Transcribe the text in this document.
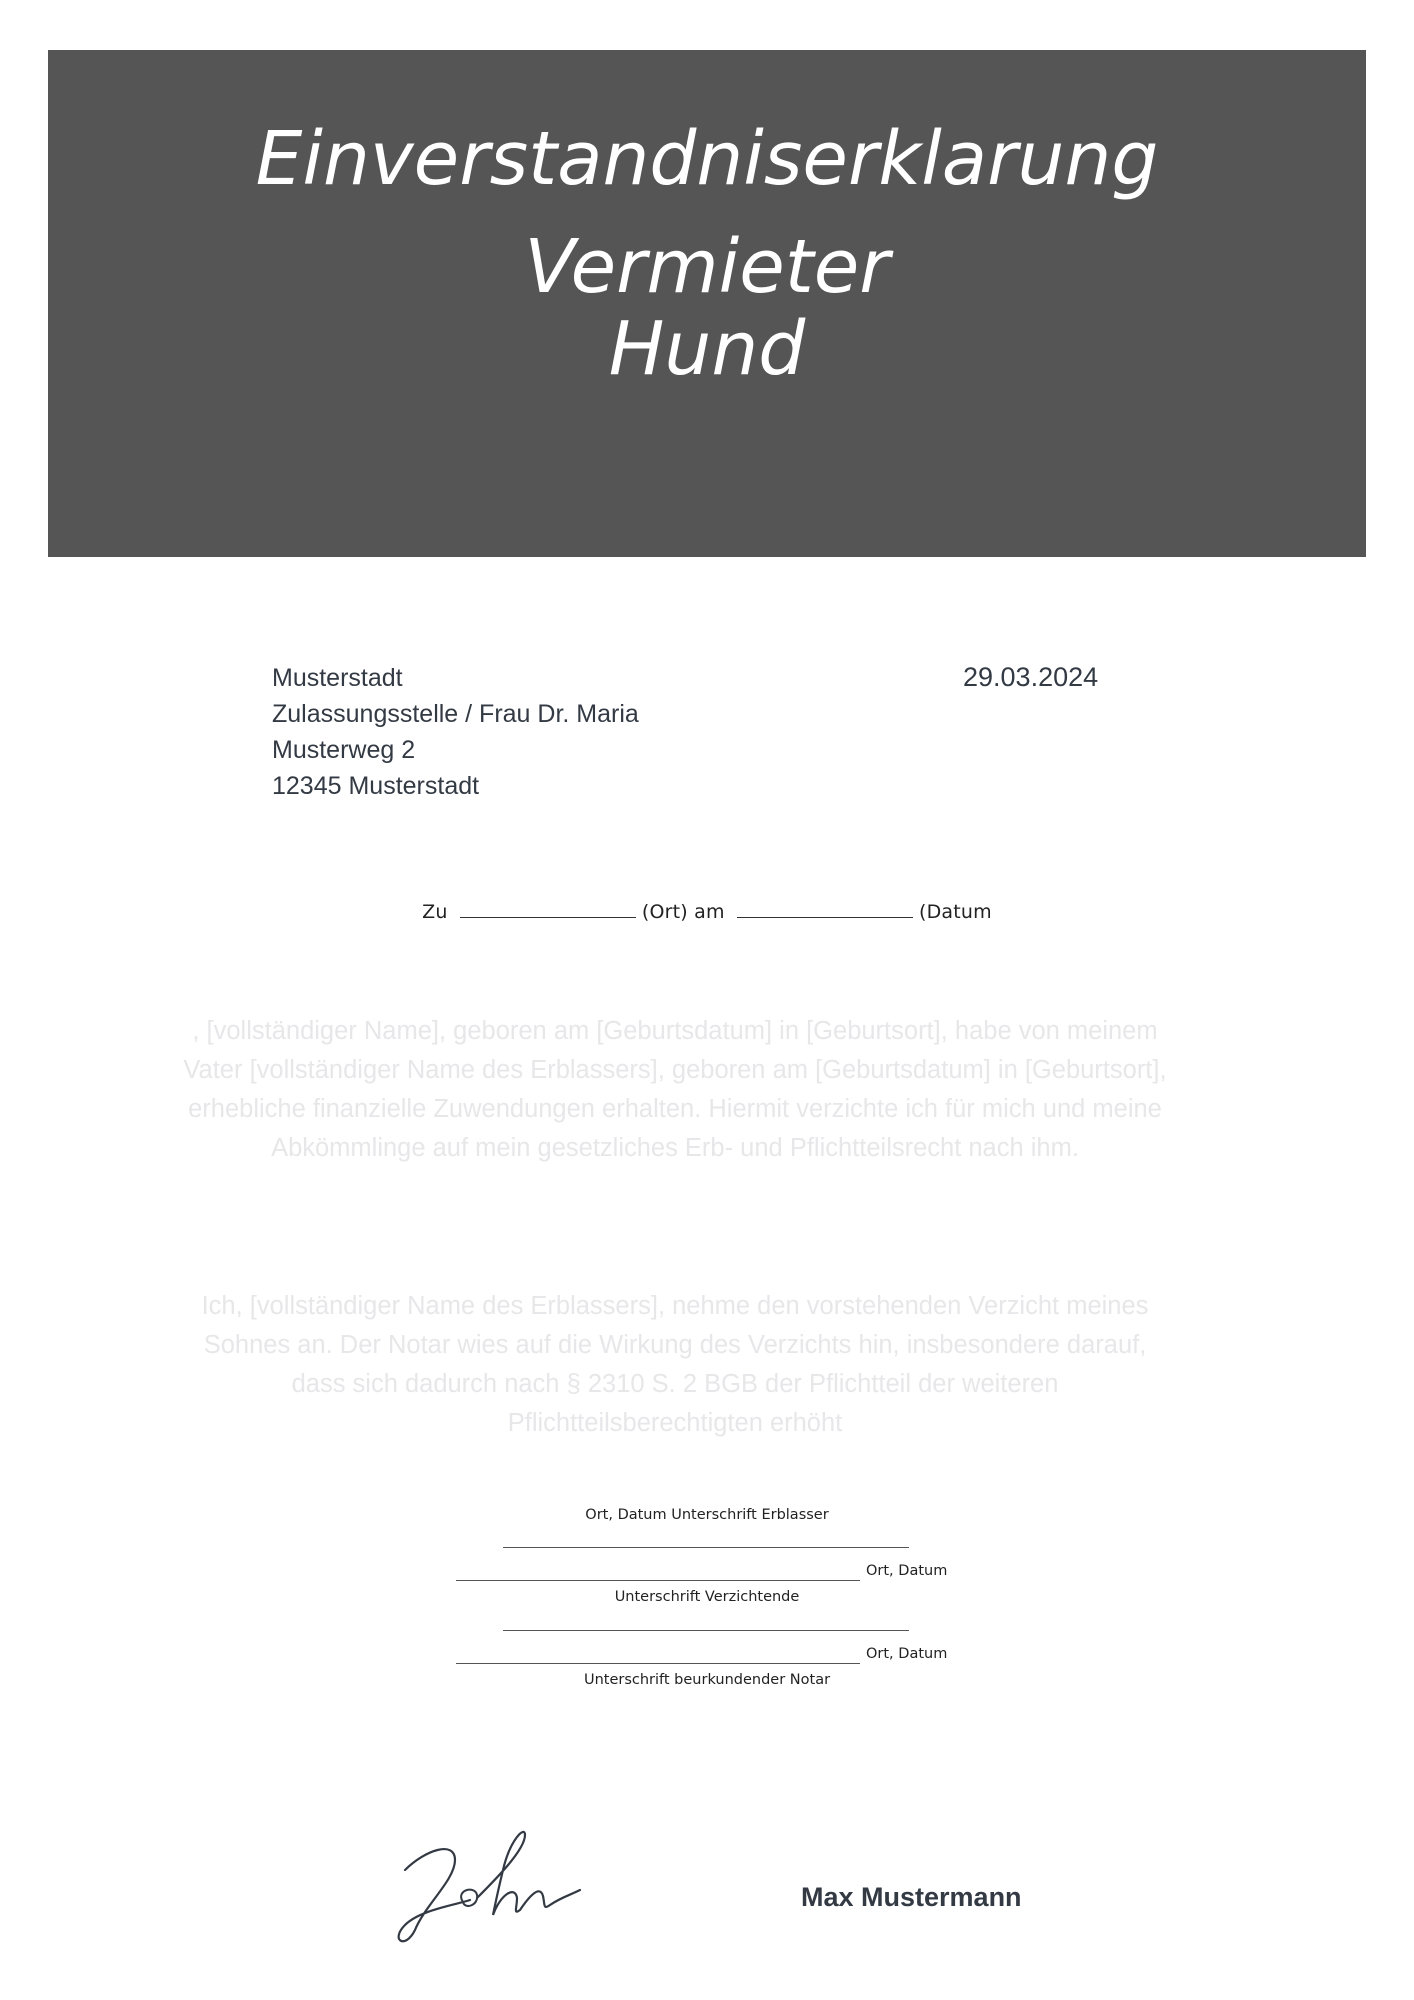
Einverstandniserklarung
Vermieter
Hund
Musterstadt
Zulassungsstelle / Frau Dr. Maria
Musterweg 2
12345 Musterstadt
29.03.2024
Zu	(Ort) am	(Datum
, [vollständiger Name], geboren am [Geburtsdatum] in [Geburtsort], habe von meinem Vater [vollständiger Name des Erblassers], geboren am [Geburtsdatum] in [Geburtsort], erhebliche finanzielle Zuwendungen erhalten. Hiermit verzichte ich für mich und meine Abkömmlinge auf mein gesetzliches Erb- und Pflichtteilsrecht nach ihm.
Ich, [vollständiger Name des Erblassers], nehme den vorstehenden Verzicht meines Sohnes an. Der Notar wies auf die Wirkung des Verzichts hin, insbesondere darauf, dass sich dadurch nach § 2310 S. 2 BGB der Pflichtteil der weiteren Pflichtteilsberechtigten erhöht
Ort, Datum Unterschrift Erblasser
Ort, Datum
Unterschrift Verzichtende
Ort, Datum
Unterschrift beurkundender Notar
Max Mustermann
